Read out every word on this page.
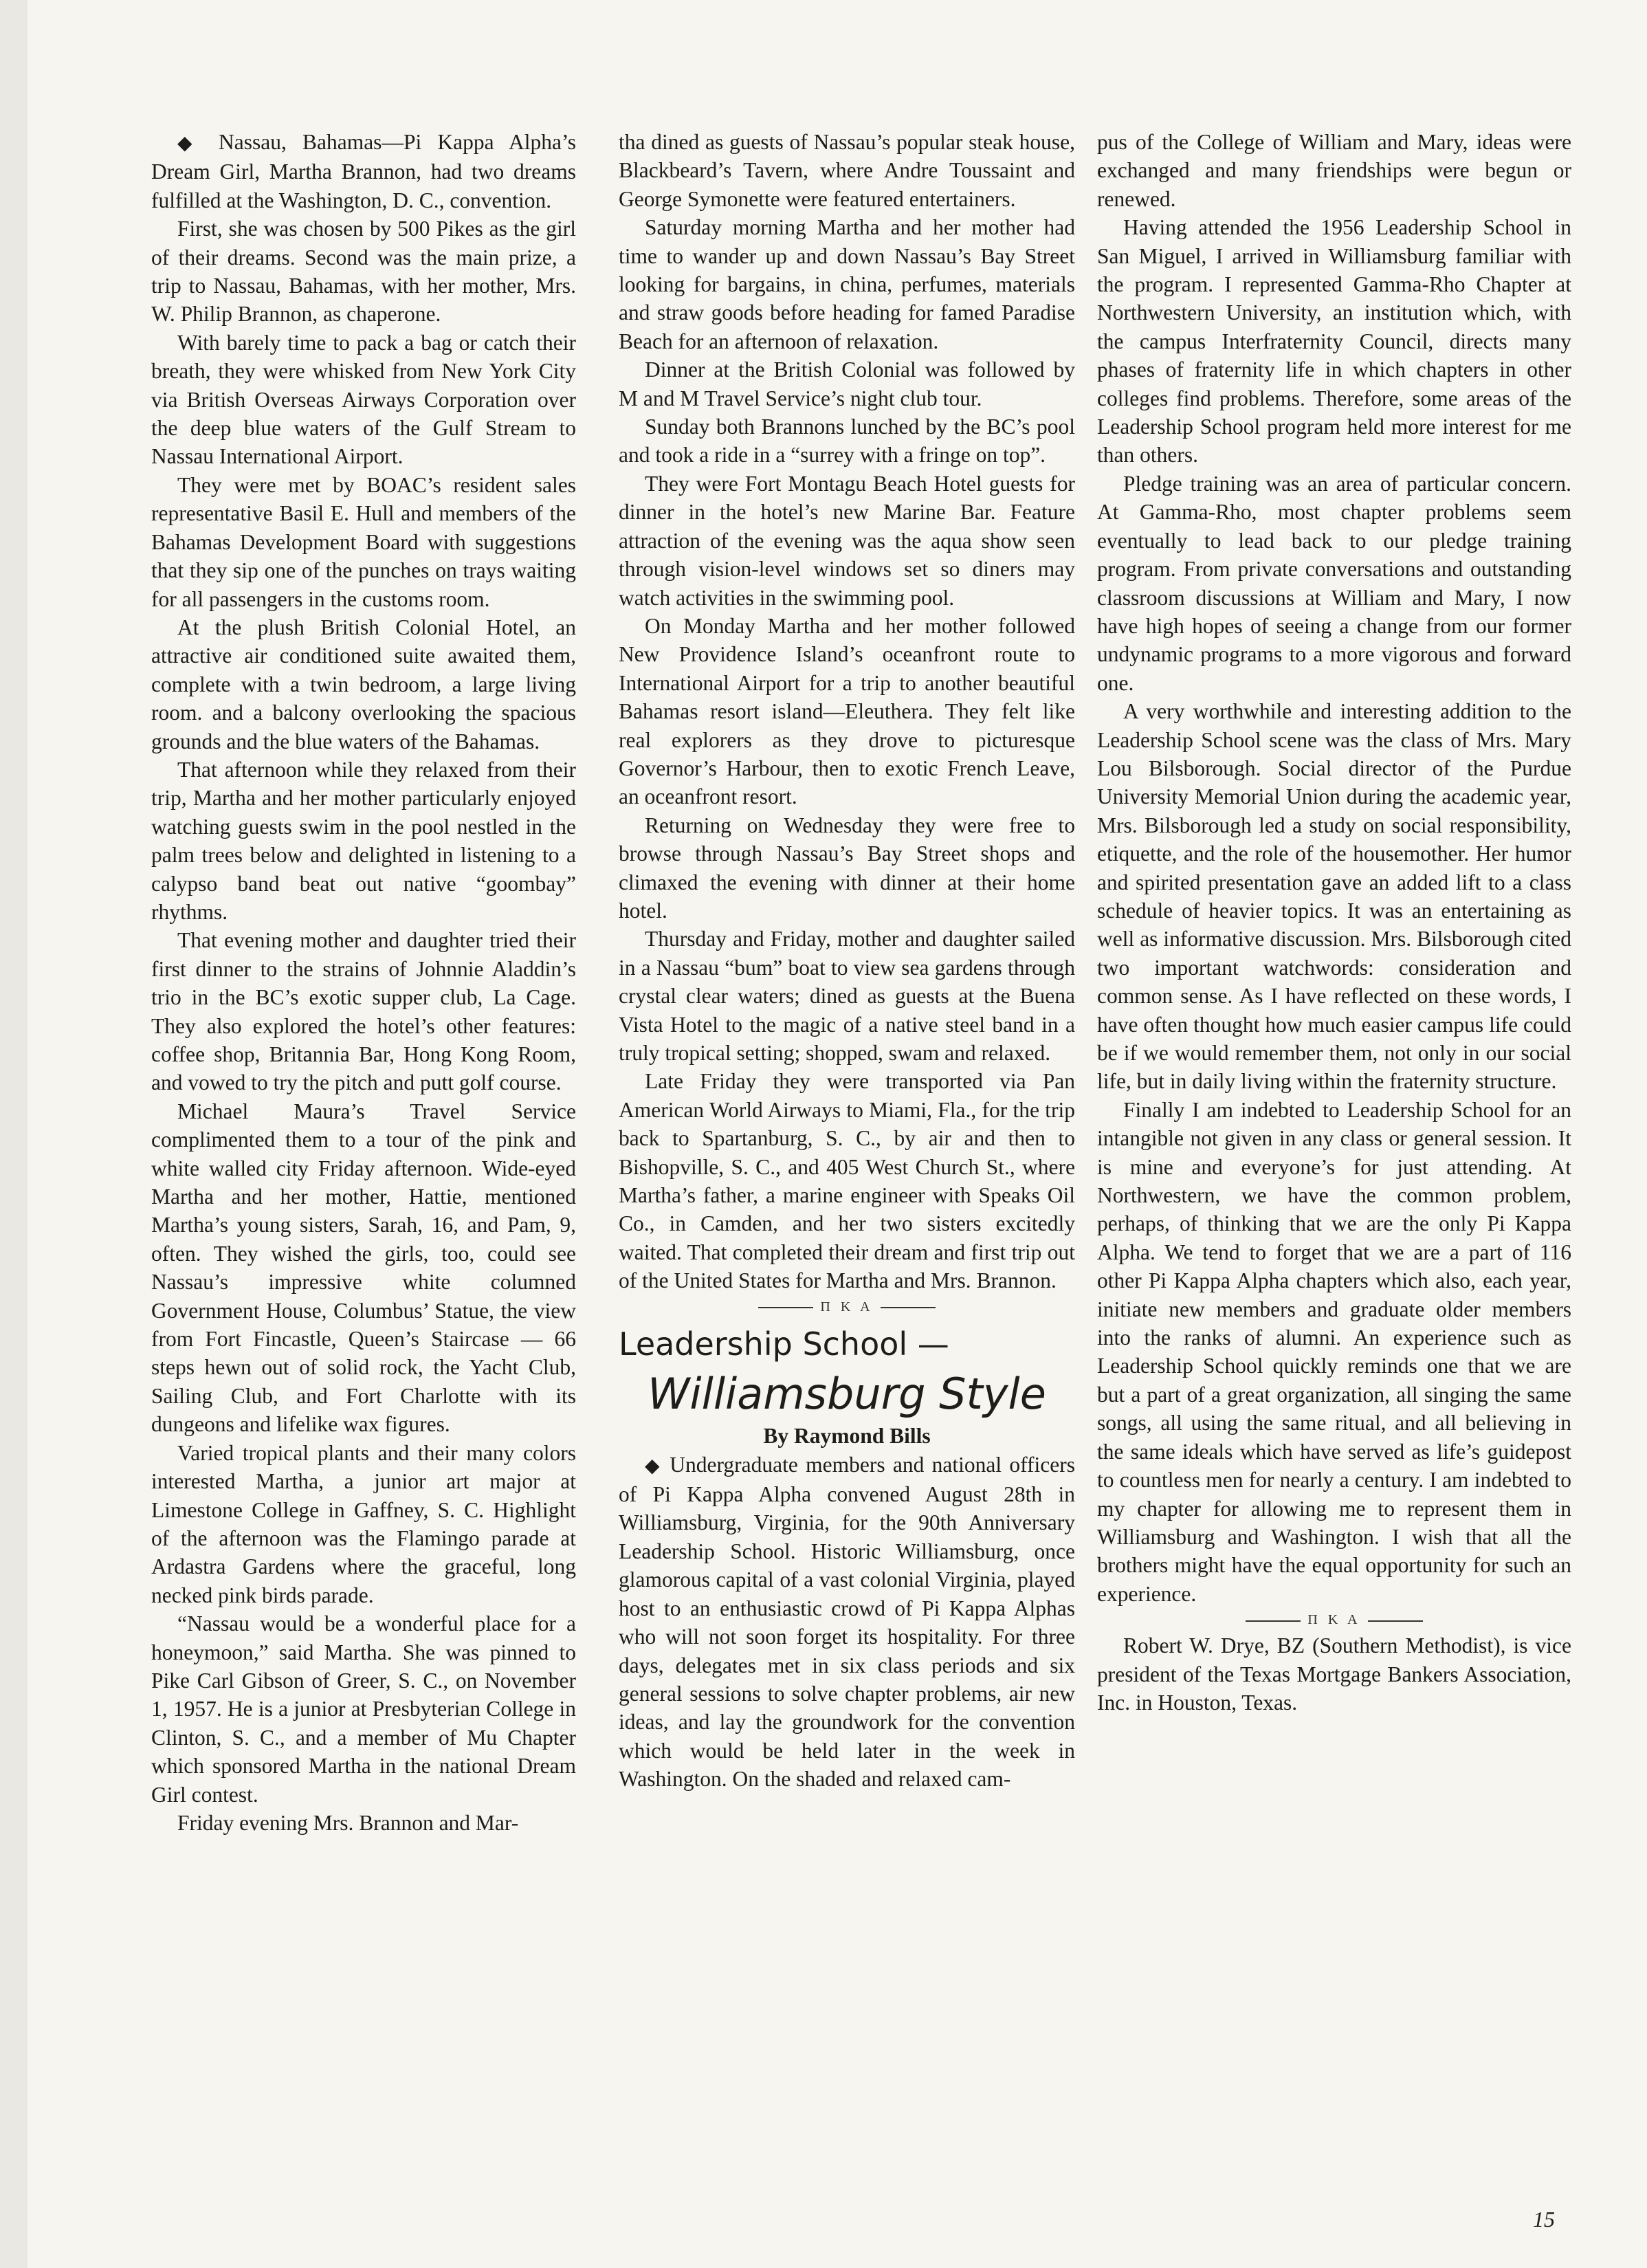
◆ Nassau, Bahamas—Pi Kappa Alpha’s Dream Girl, Martha Brannon, had two dreams fulfilled at the Washington, D. C., convention.

First, she was chosen by 500 Pikes as the girl of their dreams. Second was the main prize, a trip to Nassau, Bahamas, with her mother, Mrs. W. Philip Brannon, as chaperone.

With barely time to pack a bag or catch their breath, they were whisked from New York City via British Overseas Airways Corporation over the deep blue waters of the Gulf Stream to Nassau International Airport.

They were met by BOAC’s resident sales representative Basil E. Hull and members of the Bahamas Development Board with suggestions that they sip one of the punches on trays waiting for all passengers in the customs room.

At the plush British Colonial Hotel, an attractive air conditioned suite awaited them, complete with a twin bedroom, a large living room. and a balcony overlooking the spacious grounds and the blue waters of the Bahamas.

That afternoon while they relaxed from their trip, Martha and her mother particularly enjoyed watching guests swim in the pool nestled in the palm trees below and delighted in listening to a calypso band beat out native “goombay” rhythms.

That evening mother and daughter tried their first dinner to the strains of Johnnie Aladdin’s trio in the BC’s exotic supper club, La Cage. They also explored the hotel’s other features: coffee shop, Britannia Bar, Hong Kong Room, and vowed to try the pitch and putt golf course.

Michael Maura’s Travel Service complimented them to a tour of the pink and white walled city Friday afternoon. Wide-eyed Martha and her mother, Hattie, mentioned Martha’s young sisters, Sarah, 16, and Pam, 9, often. They wished the girls, too, could see Nassau’s impressive white columned Government House, Columbus’ Statue, the view from Fort Fincastle, Queen’s Staircase — 66 steps hewn out of solid rock, the Yacht Club, Sailing Club, and Fort Charlotte with its dungeons and lifelike wax figures.

Varied tropical plants and their many colors interested Martha, a junior art major at Limestone College in Gaffney, S. C. Highlight of the afternoon was the Flamingo parade at Ardastra Gardens where the graceful, long necked pink birds parade.

“Nassau would be a wonderful place for a honeymoon,” said Martha. She was pinned to Pike Carl Gibson of Greer, S. C., on November 1, 1957. He is a junior at Presbyterian College in Clinton, S. C., and a member of Mu Chapter which sponsored Martha in the national Dream Girl contest.

Friday evening Mrs. Brannon and Mar-

tha dined as guests of Nassau’s popular steak house, Blackbeard’s Tavern, where Andre Toussaint and George Symonette were featured entertainers.

Saturday morning Martha and her mother had time to wander up and down Nassau’s Bay Street looking for bargains, in china, perfumes, materials and straw goods before heading for famed Paradise Beach for an afternoon of relaxation.

Dinner at the British Colonial was followed by M and M Travel Service’s night club tour.

Sunday both Brannons lunched by the BC’s pool and took a ride in a “surrey with a fringe on top”.

They were Fort Montagu Beach Hotel guests for dinner in the hotel’s new Marine Bar. Feature attraction of the evening was the aqua show seen through vision-level windows set so diners may watch activities in the swimming pool.

On Monday Martha and her mother followed New Providence Island’s oceanfront route to International Airport for a trip to another beautiful Bahamas resort island—Eleuthera. They felt like real explorers as they drove to picturesque Governor’s Harbour, then to exotic French Leave, an oceanfront resort.

Returning on Wednesday they were free to browse through Nassau’s Bay Street shops and climaxed the evening with dinner at their home hotel.

Thursday and Friday, mother and daughter sailed in a Nassau “bum” boat to view sea gardens through crystal clear waters; dined as guests at the Buena Vista Hotel to the magic of a native steel band in a truly tropical setting; shopped, swam and relaxed.

Late Friday they were transported via Pan American World Airways to Miami, Fla., for the trip back to Spartanburg, S. C., by air and then to Bishopville, S. C., and 405 West Church St., where Martha’s father, a marine engineer with Speaks Oil Co., in Camden, and her two sisters excitedly waited. That completed their dream and first trip out of the United States for Martha and Mrs. Brannon.

Π Κ Α

Leadership School —

Williamsburg Style

By Raymond Bills

◆ Undergraduate members and national officers of Pi Kappa Alpha convened August 28th in Williamsburg, Virginia, for the 90th Anniversary Leadership School. Historic Williamsburg, once glamorous capital of a vast colonial Virginia, played host to an enthusiastic crowd of Pi Kappa Alphas who will not soon forget its hospitality. For three days, delegates met in six class periods and six general sessions to solve chapter problems, air new ideas, and lay the groundwork for the convention which would be held later in the week in Washington. On the shaded and relaxed cam-

pus of the College of William and Mary, ideas were exchanged and many friendships were begun or renewed.

Having attended the 1956 Leadership School in San Miguel, I arrived in Williamsburg familiar with the program. I represented Gamma-Rho Chapter at Northwestern University, an institution which, with the campus Interfraternity Council, directs many phases of fraternity life in which chapters in other colleges find problems. Therefore, some areas of the Leadership School program held more interest for me than others.

Pledge training was an area of particular concern. At Gamma-Rho, most chapter problems seem eventually to lead back to our pledge training program. From private conversations and outstanding classroom discussions at William and Mary, I now have high hopes of seeing a change from our former undynamic programs to a more vigorous and forward one.

A very worthwhile and interesting addition to the Leadership School scene was the class of Mrs. Mary Lou Bilsborough. Social director of the Purdue University Memorial Union during the academic year, Mrs. Bilsborough led a study on social responsibility, etiquette, and the role of the housemother. Her humor and spirited presentation gave an added lift to a class schedule of heavier topics. It was an entertaining as well as informative discussion. Mrs. Bilsborough cited two important watchwords: consideration and common sense. As I have reflected on these words, I have often thought how much easier campus life could be if we would remember them, not only in our social life, but in daily living within the fraternity structure.

Finally I am indebted to Leadership School for an intangible not given in any class or general session. It is mine and everyone’s for just attending. At Northwestern, we have the common problem, perhaps, of thinking that we are the only Pi Kappa Alpha. We tend to forget that we are a part of 116 other Pi Kappa Alpha chapters which also, each year, initiate new members and graduate older members into the ranks of alumni. An experience such as Leadership School quickly reminds one that we are but a part of a great organization, all singing the same songs, all using the same ritual, and all believing in the same ideals which have served as life’s guidepost to countless men for nearly a century. I am indebted to my chapter for allowing me to represent them in Williamsburg and Washington. I wish that all the brothers might have the equal opportunity for such an experience.

Π Κ Α

Robert W. Drye, BZ (Southern Methodist), is vice president of the Texas Mortgage Bankers Association, Inc. in Houston, Texas.

15
